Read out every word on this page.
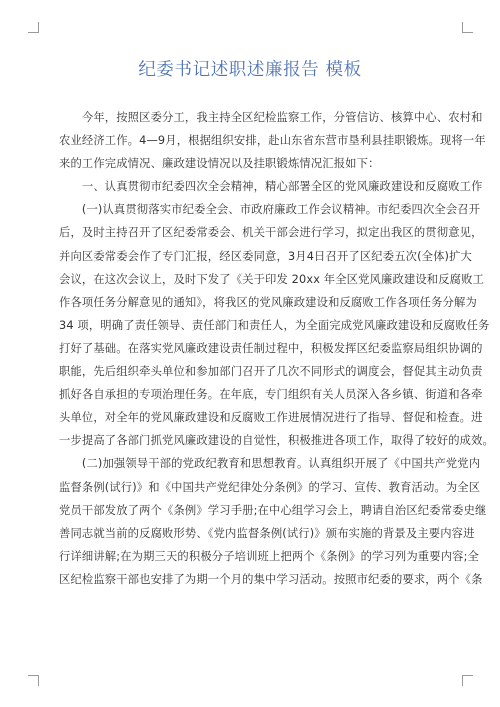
纪委书记述职述廉报告 模板
　　今年，按照区委分工，我主持全区纪检监察工作，分管信访、核算中心、农村和
农业经济工作。4—9月，根据组织安排，赴山东省东营市垦利县挂职锻炼。现将一年
来的工作完成情况、廉政建设情况以及挂职锻炼情况汇报如下：
　　一、认真贯彻市纪委四次全会精神，精心部署全区的党风廉政建设和反腐败工作
　　(一)认真贯彻落实市纪委全会、市政府廉政工作会议精神。市纪委四次全会召开
后，及时主持召开了区纪委常委会、机关干部会进行学习，拟定出我区的贯彻意见，
并向区委常委会作了专门汇报，经区委同意，3月4日召开了区纪委五次(全体)扩大
会议，在这次会议上，及时下发了《关于印发 20xx 年全区党风廉政建设和反腐败工
作各项任务分解意见的通知》，将我区的党风廉政建设和反腐败工作各项任务分解为
34 项，明确了责任领导、责任部门和责任人，为全面完成党风廉政建设和反腐败任务
打好了基础。在落实党风廉政建设责任制过程中，积极发挥区纪委监察局组织协调的
职能，先后组织牵头单位和参加部门召开了几次不同形式的调度会，督促其主动负责
抓好各自承担的专项治理任务。在年底，专门组织有关人员深入各乡镇、街道和各牵
头单位，对全年的党风廉政建设和反腐败工作进展情况进行了指导、督促和检查。进
一步提高了各部门抓党风廉政建设的自觉性，积极推进各项工作，取得了较好的成效。
　　(二)加强领导干部的党政纪教育和思想教育。认真组织开展了《中国共产党党内
监督条例(试行)》和《中国共产党纪律处分条例》的学习、宣传、教育活动。为全区
党员干部发放了两个《条例》学习手册;在中心组学习会上，聘请自治区纪委常委史继
善同志就当前的反腐败形势、《党内监督条例(试行)》颁布实施的背景及主要内容进
行详细讲解;在为期三天的积极分子培训班上把两个《条例》的学习列为重要内容;全
区纪检监察干部也安排了为期一个月的集中学习活动。按照市纪委的要求，两个《条
